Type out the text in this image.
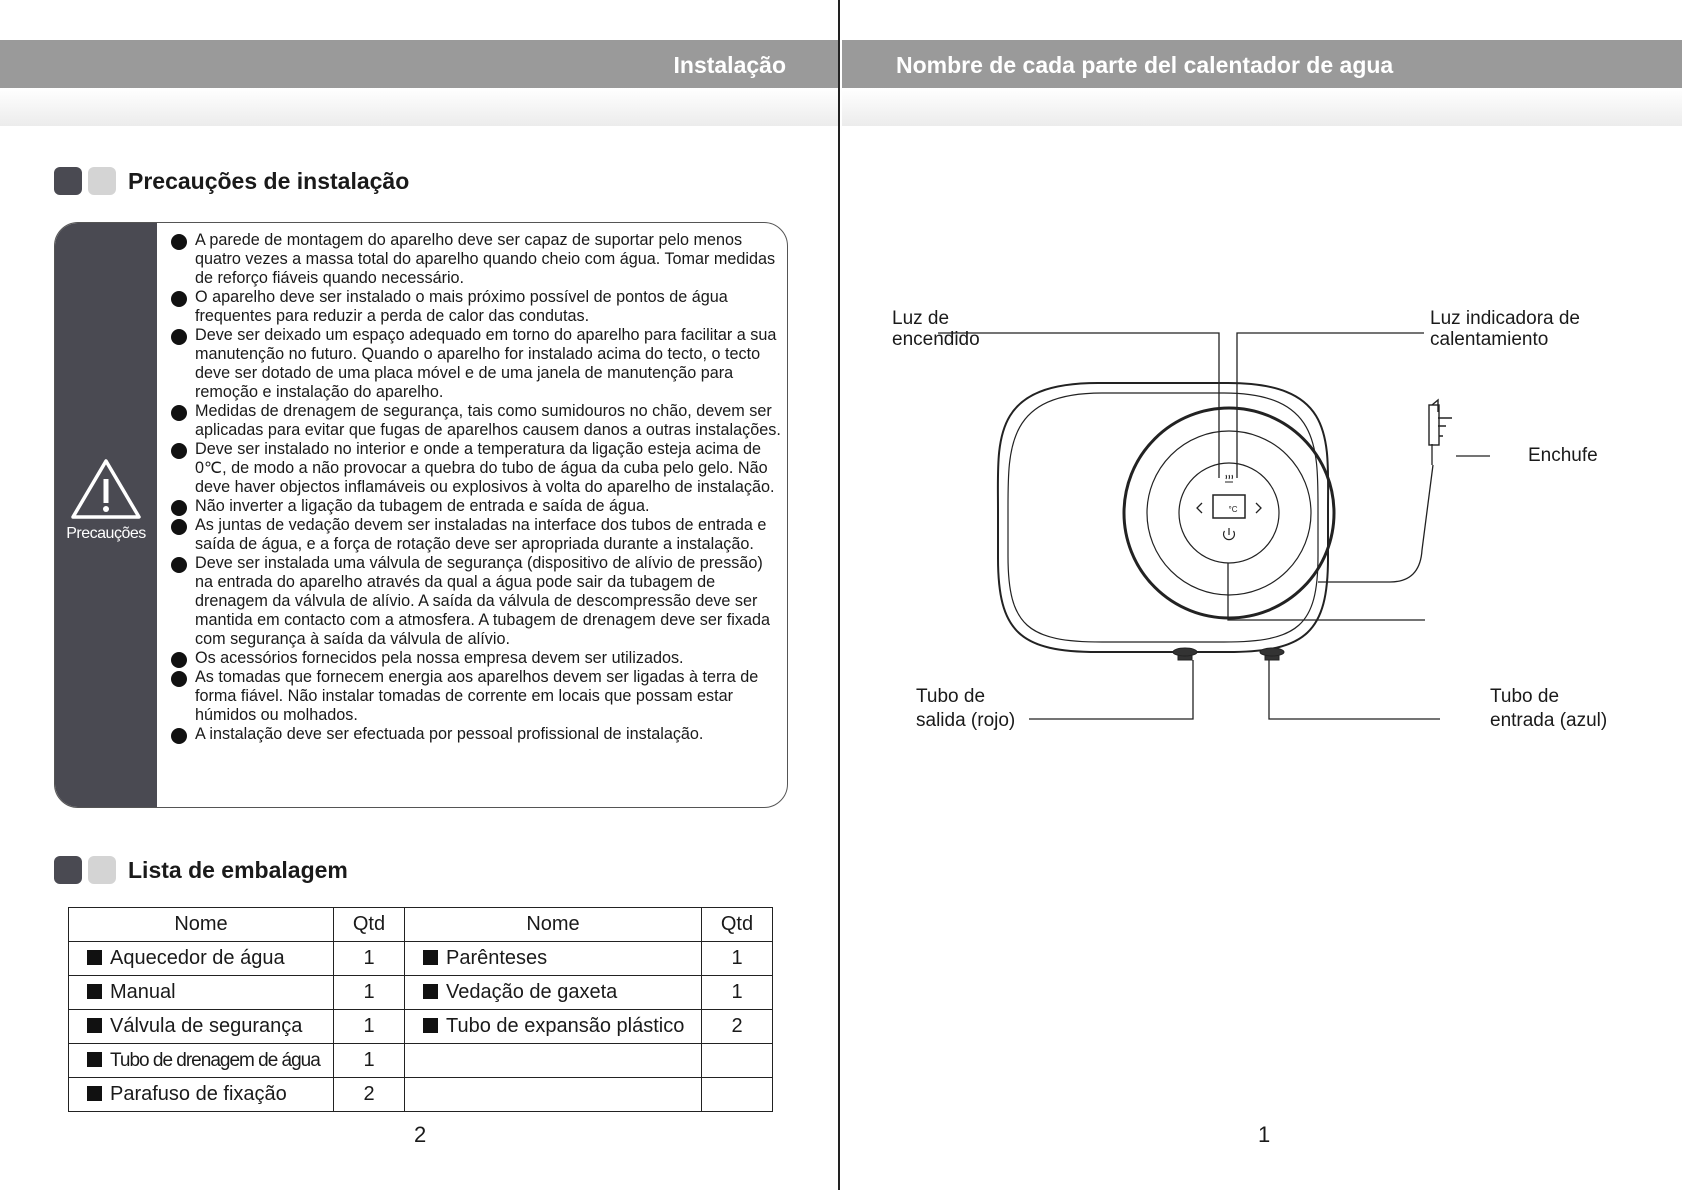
Instalação
Precauções de instalação
Precauções
A parede de montagem do aparelho deve ser capaz de suportar pelo menos quatro vezes a massa total do aparelho quando cheio com água. Tomar medidas de reforço fiáveis quando necessário.
O aparelho deve ser instalado o mais próximo possível de pontos de água frequentes para reduzir a perda de calor das condutas.
Deve ser deixado um espaço adequado em torno do aparelho para facilitar a sua manutenção no futuro. Quando o aparelho for instalado acima do tecto, o tecto deve ser dotado de uma placa móvel e de uma janela de manutenção para remoção e instalação do aparelho.
Medidas de drenagem de segurança, tais como sumidouros no chão, devem ser aplicadas para evitar que fugas de aparelhos causem danos a outras instalações.
Deve ser instalado no interior e onde a temperatura da ligação esteja acima de 0℃, de modo a não provocar a quebra do tubo de água da cuba pelo gelo. Não deve haver objectos inflamáveis ou explosivos à volta do aparelho de instalação.
Não inverter a ligação da tubagem de entrada e saída de água.
As juntas de vedação devem ser instaladas na interface dos tubos de entrada e saída de água, e a força de rotação deve ser apropriada durante a instalação.
Deve ser instalada uma válvula de segurança (dispositivo de alívio de pressão) na entrada do aparelho através da qual a água pode sair da tubagem de drenagem da válvula de alívio. A saída da válvula de descompressão deve ser mantida em contacto com a atmosfera. A tubagem de drenagem deve ser fixada com segurança à saída da válvula de alívio.
Os acessórios fornecidos pela nossa empresa devem ser utilizados.
As tomadas que fornecem energia aos aparelhos devem ser ligadas à terra de forma fiável. Não instalar tomadas de corrente em locais que possam estar húmidos ou molhados.
A instalação deve ser efectuada por pessoal profissional de instalação.
Lista de embalagem
Nome	Qtd	Nome	Qtd
Aquecedor de água	1	Parênteses	1
Manual	1	Vedação de gaxeta	1
Válvula de segurança	1	Tubo de expansão plástico	2
Tubo de drenagem de água	1		
Parafuso de fixação	2		
2
Nombre de cada parte del calentador de agua
°C
Luz de
encendido
Luz indicadora de
calentamiento
Enchufe
Tubo de
salida (rojo)
Tubo de
entrada (azul)
1
